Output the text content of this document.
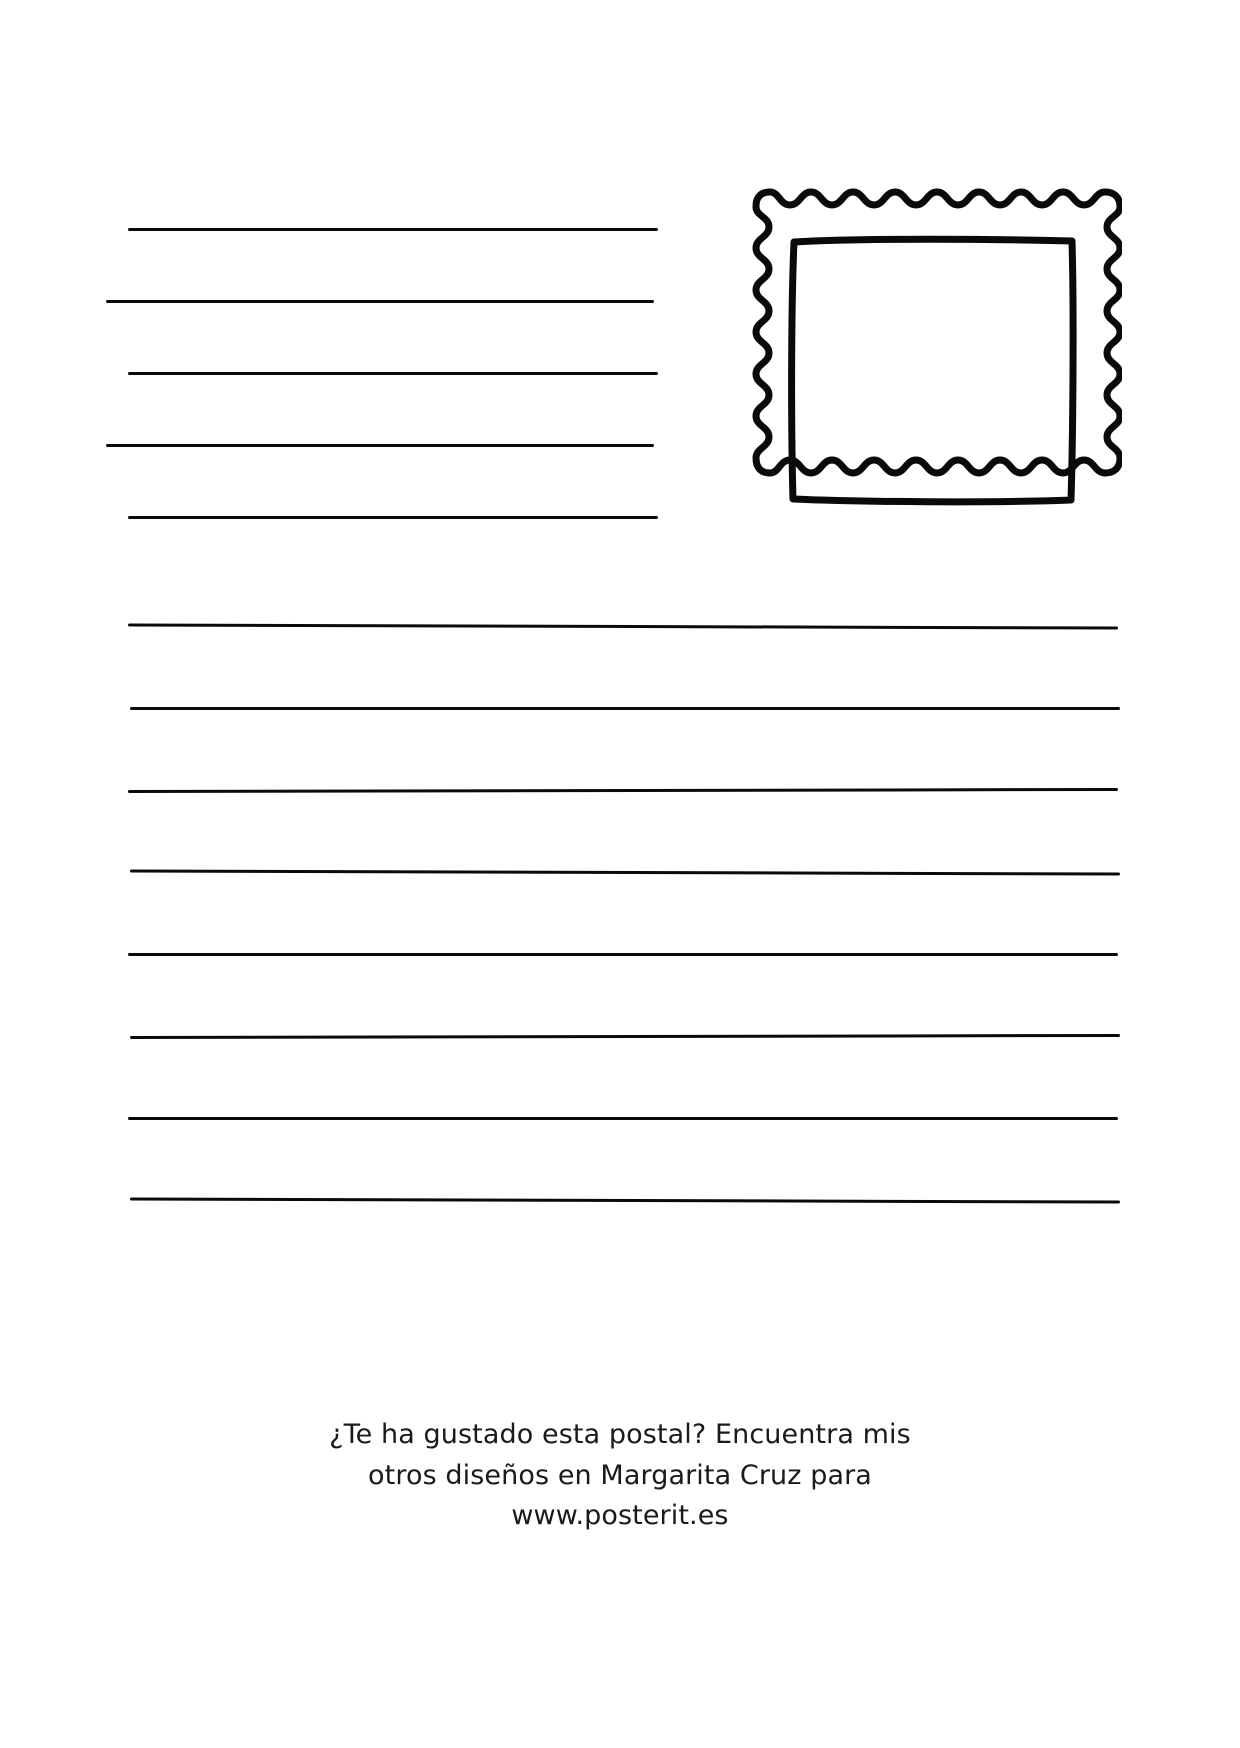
¿Te ha gustado esta postal? Encuentra mis
otros diseños en Margarita Cruz para
www.posterit.es
